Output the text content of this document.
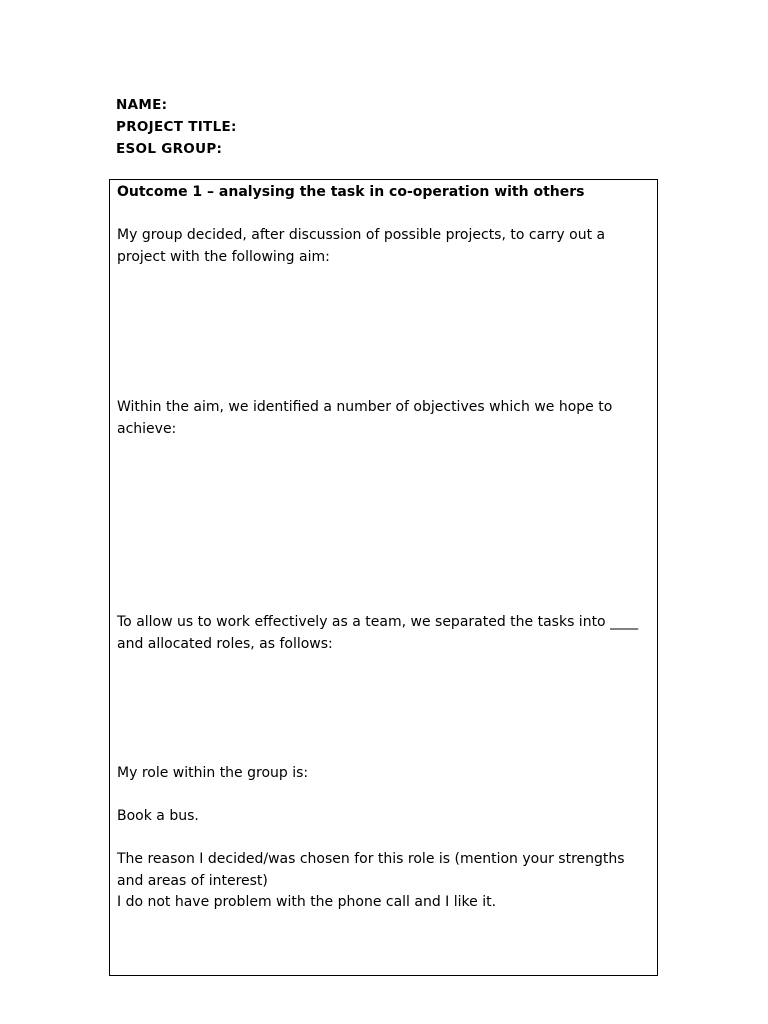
NAME:
PROJECT TITLE:
ESOL GROUP:

Outcome 1 – analysing the task in co-operation with others

My group decided, after discussion of possible projects, to carry out a project with the following aim:

Within the aim, we identified a number of objectives which we hope to achieve:

To allow us to work effectively as a team, we separated the tasks into ____ and allocated roles, as follows:

My role within the group is:

Book a bus.

The reason I decided/was chosen for this role is (mention your strengths and areas of interest)

I do not have problem with the phone call and I like it.
